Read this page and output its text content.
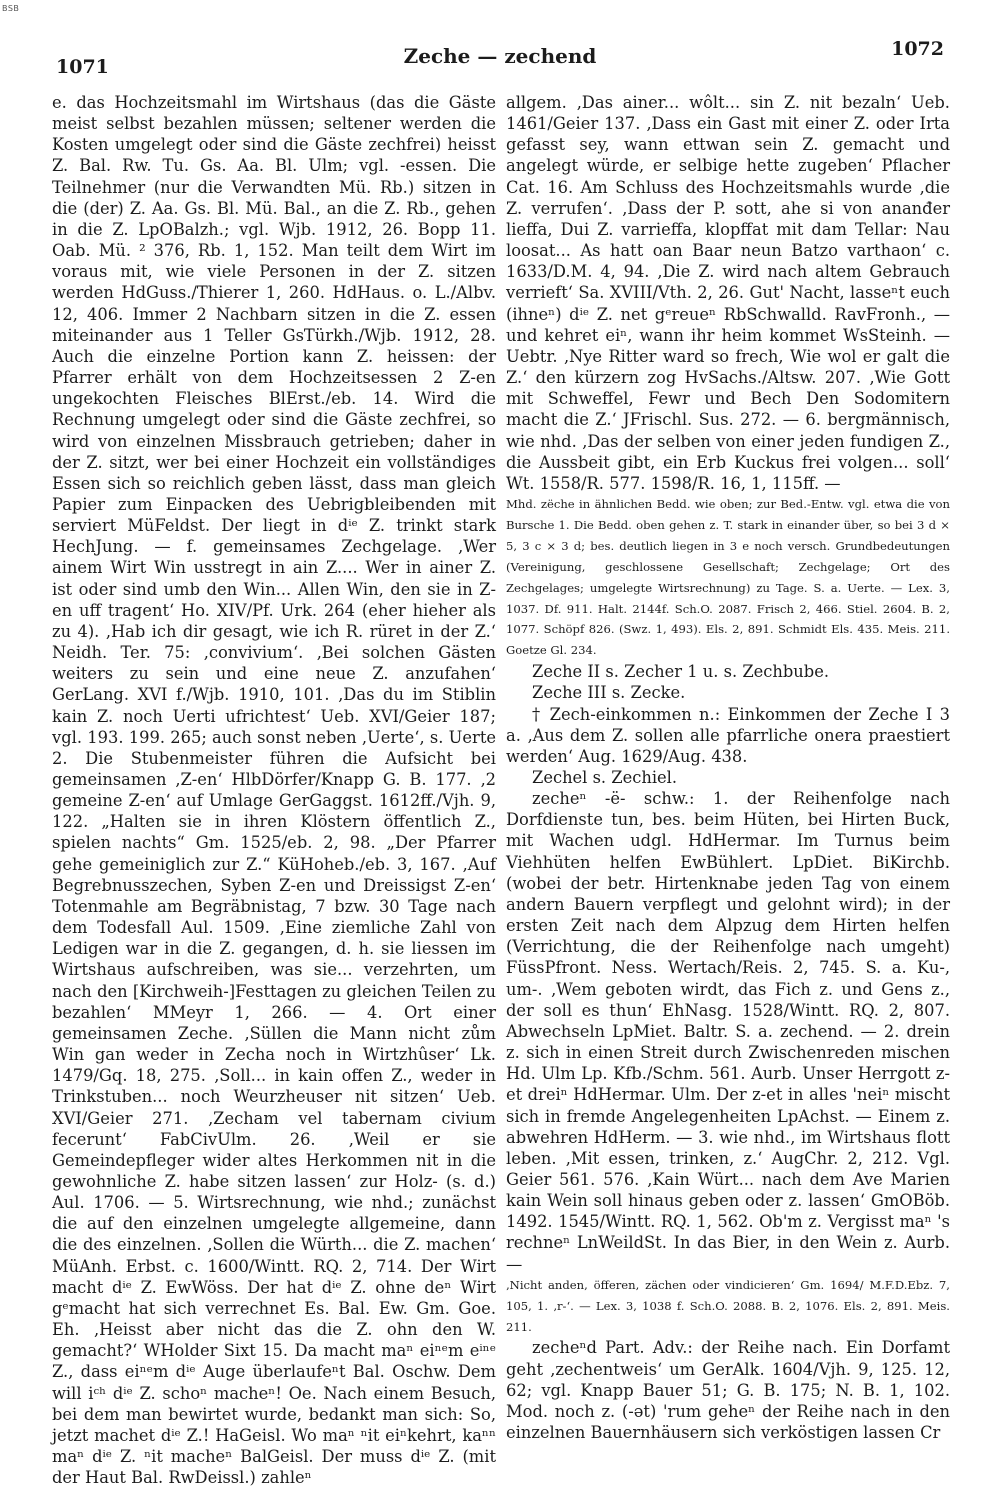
BSB
1071	Zeche — zechend	1072

e. das Hochzeitsmahl im Wirtshaus (das die Gäste meist selbst bezahlen müssen; seltener werden die Kosten umgelegt oder sind die Gäste zechfrei) heisst Z. Bal. Rw. Tu. Gs. Aa. Bl. Ulm; vgl. -essen. Die Teilnehmer (nur die Verwandten Mü. Rb.) sitzen in die (der) Z. Aa. Gs. Bl. Mü. Bal., an die Z. Rb., gehen in die Z. LpOBalzh.; vgl. Wjb. 1912, 26. Bopp 11. Oab. Mü. ² 376, Rb. 1, 152. Man teilt dem Wirt im voraus mit, wie viele Personen in der Z. sitzen werden HdGuss./Thierer 1, 260. HdHaus. o. L./Albv. 12, 406. Immer 2 Nachbarn sitzen in die Z. essen miteinander aus 1 Teller GsTürkh./Wjb. 1912, 28. Auch die einzelne Portion kann Z. heissen: der Pfarrer erhält von dem Hochzeitsessen 2 Z-en ungekochten Fleisches BlErst./eb. 14. Wird die Rechnung umgelegt oder sind die Gäste zechfrei, so wird von einzelnen Missbrauch getrieben; daher in der Z. sitzt, wer bei einer Hochzeit ein vollständiges Essen sich so reichlich geben lässt, dass man gleich Papier zum Einpacken des Uebrigbleibenden mit serviert MüFeldst. Der liegt in dⁱᵉ Z. trinkt stark HechJung. — f. gemeinsames Zechgelage. ‚Wer ainem Wirt Win usstregt in ain Z.... Wer in ainer Z. ist oder sind umb den Win... Allen Win, den sie in Z-en uff tragent‘ Ho. XIV/Pf. Urk. 264 (eher hieher als zu 4). ‚Hab ich dir gesagt, wie ich R. rüret in der Z.‘ Neidh. Ter. 75: ‚convivium‘. ‚Bei solchen Gästen weiters zu sein und eine neue Z. anzufahen‘ GerLang. XVI f./Wjb. 1910, 101. ‚Das du im Stiblin kain Z. noch Uerti ufrichtest‘ Ueb. XVI/Geier 187; vgl. 193. 199. 265; auch sonst neben ‚Uerte‘, s. Uerte 2. Die Stubenmeister führen die Aufsicht bei gemeinsamen ‚Z-en‘ HlbDörfer/Knapp G. B. 177. ‚2 gemeine Z-en‘ auf Umlage GerGaggst. 1612ff./Vjh. 9, 122. „Halten sie in ihren Klöstern öffentlich Z., spielen nachts“ Gm. 1525/eb. 2, 98. „Der Pfarrer gehe gemeiniglich zur Z.“ KüHoheb./eb. 3, 167. ‚Auf Begrebnusszechen, Syben Z-en und Dreissigst Z-en‘ Totenmahle am Begräbnistag, 7 bzw. 30 Tage nach dem Todesfall Aul. 1509. ‚Eine ziemliche Zahl von Ledigen war in die Z. gegangen, d. h. sie liessen im Wirtshaus aufschreiben, was sie... verzehrten, um nach den [Kirchweih-]Festtagen zu gleichen Teilen zu bezahlen‘ MMeyr 1, 266. — 4. Ort einer gemeinsamen Zeche. ‚Süllen die Mann nicht zům Win gan weder in Zecha noch in Wirtzhûser‘ Lk. 1479/Gq. 18, 275. ‚Soll... in kain offen Z., weder in Trinkstuben... noch Weurzheuser nit sitzen‘ Ueb. XVI/Geier 271. ‚Zecham vel tabernam civium fecerunt‘ FabCivUlm. 26. ‚Weil er sie Gemeindepfleger wider altes Herkommen nit in die gewohnliche Z. habe sitzen lassen‘ zur Holz- (s. d.) Aul. 1706. — 5. Wirtsrechnung, wie nhd.; zunächst die auf den einzelnen umgelegte allgemeine, dann die des einzelnen. ‚Sollen die Würth... die Z. machen‘ MüAnh. Erbst. c. 1600/Wintt. RQ. 2, 714. Der Wirt macht dⁱᵉ Z. EwWöss. Der hat dⁱᵉ Z. ohne deⁿ Wirt gᵉmacht hat sich verrechnet Es. Bal. Ew. Gm. Goe. Eh. ‚Heisst aber nicht das die Z. ohn den W. gemacht?‘ WHolder Sixt 15. Da macht maⁿ eiⁿᵉm eⁱⁿᵉ Z., dass eiⁿᵉm dⁱᵉ Auge überlaufeⁿt Bal. Oschw. Dem will iᶜʰ dⁱᵉ Z. schoⁿ macheⁿ! Oe. Nach einem Besuch, bei dem man bewirtet wurde, bedankt man sich: So, jetzt machet dⁱᵉ Z.! HaGeisl. Wo maⁿ ⁿit eiⁿkehrt, kaⁿⁿ maⁿ dⁱᵉ Z. ⁿit macheⁿ BalGeisl. Der muss dⁱᵉ Z. (mit der Haut Bal. RwDeissl.) zahleⁿ

allgem. ‚Das ainer... wôlt... sin Z. nit bezaln‘ Ueb. 1461/Geier 137. ‚Dass ein Gast mit einer Z. oder Irta gefasst sey, wann ettwan sein Z. gemacht und angelegt würde, er selbige hette zugeben‘ Pflacher Cat. 16. Am Schluss des Hochzeitsmahls wurde ‚die Z. verrufen‘. ‚Dass der P. sott, ahe si von ananđer lieffa, Dui Z. varrieffa, klopffat mit dam Tellar: Nau loosat... As hatt oan Baar neun Batzo varthaon‘ c. 1633/D.M. 4, 94. ‚Die Z. wird nach altem Gebrauch verrieft‘ Sa. XVIII/Vth. 2, 26. Gut' Nacht, lasseⁿt euch (ihneⁿ) dⁱᵉ Z. net gᵉreueⁿ RbSchwalld. RavFronh., — und kehret eiⁿ, wann ihr heim kommet WsSteinh. — Uebtr. ‚Nye Ritter ward so frech, Wie wol er galt die Z.‘ den kürzern zog HvSachs./Altsw. 207. ‚Wie Gott mit Schweffel, Fewr und Bech Den Sodomitern macht die Z.‘ JFrischl. Sus. 272. — 6. bergmännisch, wie nhd. ‚Das der selben von einer jeden fundigen Z., die Aussbeit gibt, ein Erb Kuckus frei volgen... soll‘ Wt. 1558/R. 577. 1598/R. 16, 1, 115ff. —

Mhd. zëche in ähnlichen Bedd. wie oben; zur Bed.-Entw. vgl. etwa die von Bursche 1. Die Bedd. oben gehen z. T. stark in einander über, so bei 3 d × 5, 3 c × 3 d; bes. deutlich liegen in 3 e noch versch. Grundbedeutungen (Vereinigung, geschlossene Gesellschaft; Zechgelage; Ort des Zechgelages; umgelegte Wirtsrechnung) zu Tage. S. a. Uerte. — Lex. 3, 1037. Df. 911. Halt. 2144f. Sch.O. 2087. Frisch 2, 466. Stiel. 2604. B. 2, 1077. Schöpf 826. (Swz. 1, 493). Els. 2, 891. Schmidt Els. 435. Meis. 211. Goetze Gl. 234.

Zeche II s. Zecher 1 u. s. Zechbube.

Zeche III s. Zecke.

† Zech-einkommen n.: Einkommen der Zeche I 3 a. ‚Aus dem Z. sollen alle pfarrliche onera praestiert werden‘ Aug. 1629/Aug. 438.

Zechel s. Zechiel.

zecheⁿ -ë- schw.: 1. der Reihenfolge nach Dorfdienste tun, bes. beim Hüten, bei Hirten Buck, mit Wachen udgl. HdHermar. Im Turnus beim Viehhüten helfen EwBühlert. LpDiet. BiKirchb. (wobei der betr. Hirtenknabe jeden Tag von einem andern Bauern verpflegt und gelohnt wird); in der ersten Zeit nach dem Alpzug dem Hirten helfen (Verrichtung, die der Reihenfolge nach umgeht) FüssPfront. Ness. Wertach/Reis. 2, 745. S. a. Ku-, um-. ‚Wem geboten wirdt, das Fich z. und Gens z., der soll es thun‘ EhNasg. 1528/Wintt. RQ. 2, 807. Abwechseln LpMiet. Baltr. S. a. zechend. — 2. drein z. sich in einen Streit durch Zwischenreden mischen Hd. Ulm Lp. Kfb./Schm. 561. Aurb. Unser Herrgott z-et dreiⁿ HdHermar. Ulm. Der z-et in alles 'neiⁿ mischt sich in fremde Angelegenheiten LpAchst. — Einem z. abwehren HdHerm. — 3. wie nhd., im Wirtshaus flott leben. ‚Mit essen, trinken, z.‘ AugChr. 2, 212. Vgl. Geier 561. 576. ‚Kain Würt... nach dem Ave Marien kain Wein soll hinaus geben oder z. lassen‘ GmOBöb. 1492. 1545/Wintt. RQ. 1, 562. Ob'm z. Vergisst maⁿ 's rechneⁿ LnWeildSt. In das Bier, in den Wein z. Aurb. —

‚Nicht anden, öfferen, zächen oder vindicieren‘ Gm. 1694/ M.F.D.Ebz. 7, 105, 1. ‚r-‘. — Lex. 3, 1038 f. Sch.O. 2088. B. 2, 1076. Els. 2, 891. Meis. 211.

zecheⁿd Part. Adv.: der Reihe nach. Ein Dorfamt geht ‚zechentweis‘ um GerAlk. 1604/Vjh. 9, 125. 12, 62; vgl. Knapp Bauer 51; G. B. 175; N. B. 1, 102. Mod. noch z. (-ət) 'rum geheⁿ der Reihe nach in den einzelnen Bauernhäusern sich verköstigen lassen Cr
